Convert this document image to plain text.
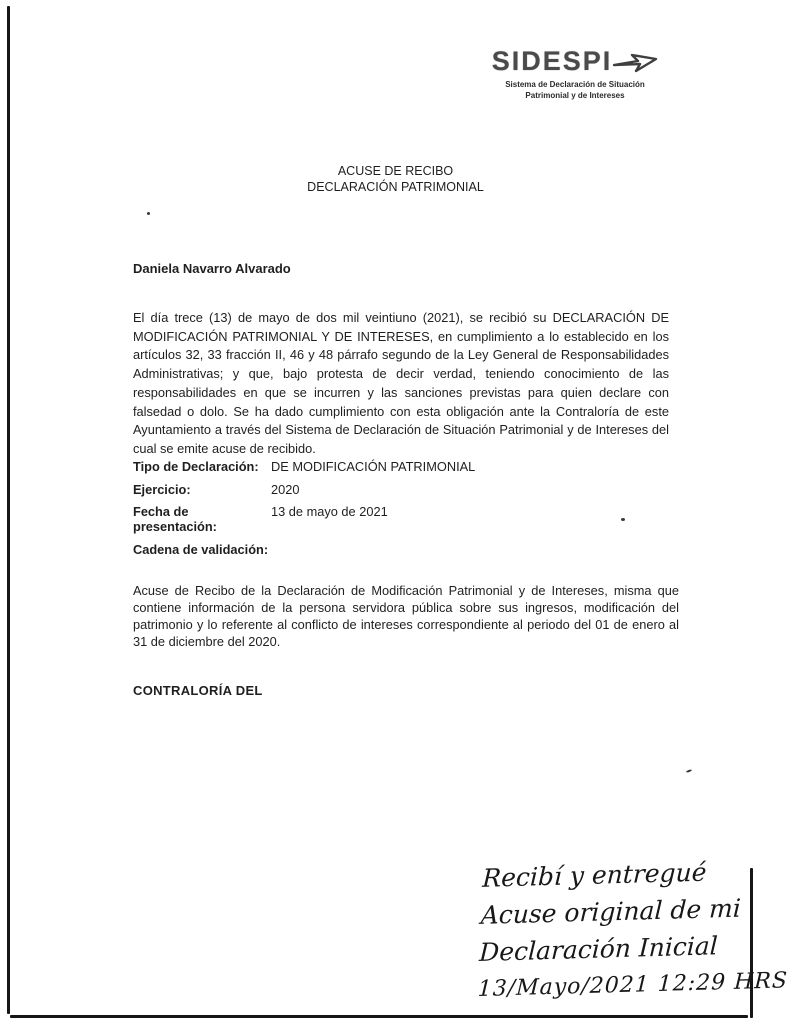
SIDESPI
Sistema de Declaración de Situación
Patrimonial y de Intereses
ACUSE DE RECIBO
DECLARACIÓN PATRIMONIAL
Daniela Navarro Alvarado
El día trece (13) de mayo de dos mil veintiuno (2021), se recibió su DECLARACIÓN DE MODIFICACIÓN PATRIMONIAL Y DE INTERESES, en cumplimiento a lo establecido en los artículos 32, 33 fracción II, 46 y 48 párrafo segundo de la Ley General de Responsabilidades Administrativas; y que, bajo protesta de decir verdad, teniendo conocimiento de las responsabilidades en que se incurren y las sanciones previstas para quien declare con falsedad o dolo. Se ha dado cumplimiento con esta obligación ante la Contraloría de este Ayuntamiento a través del Sistema de Declaración de Situación Patrimonial y de Intereses del cual se emite acuse de recibido.
Tipo de Declaración: DE MODIFICACIÓN PATRIMONIAL
Ejercicio:	2020
Fecha de presentación:
13 de mayo de 2021
Cadena de validación:
Acuse de Recibo de la Declaración de Modificación Patrimonial y de Intereses, misma que contiene información de la persona servidora pública sobre sus ingresos, modificación del patrimonio y lo referente al conflicto de intereses correspondiente al periodo del 01 de enero al 31 de diciembre del 2020.
CONTRALORÍA DEL
Recibí y entregué
Acuse original de mi
Declaración Inicial
13/Mayo/2021 12:29 HRS
